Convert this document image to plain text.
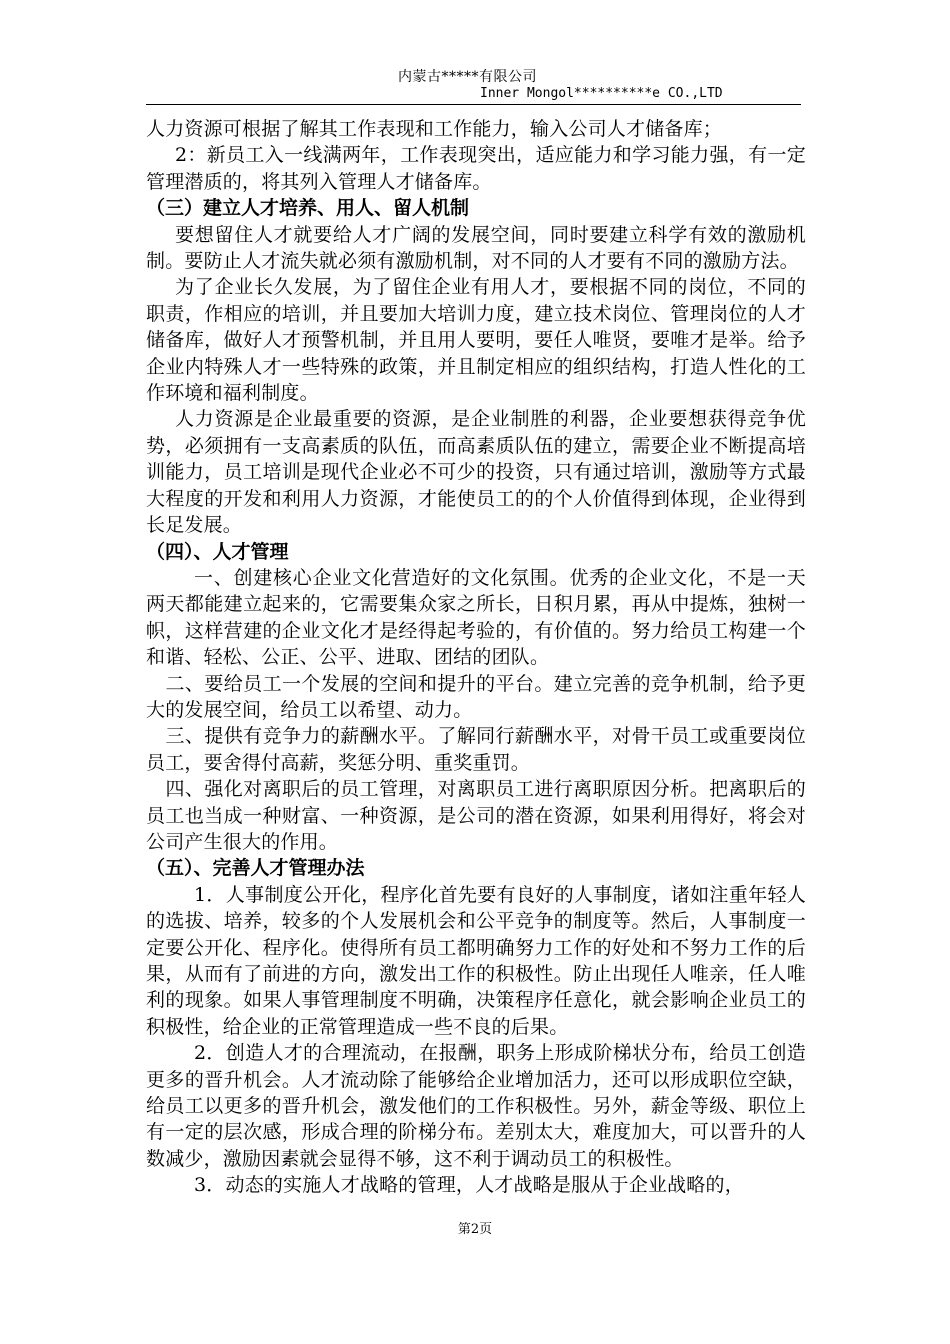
内蒙古*****有限公司
Inner Mongol**********e CO.,LTD

人力资源可根据了解其工作表现和工作能力，输入公司人才储备库；

2：新员工入一线满两年，工作表现突出，适应能力和学习能力强，有一定管理潜质的，将其列入管理人才储备库。

（三）建立人才培养、用人、留人机制

要想留住人才就要给人才广阔的发展空间，同时要建立科学有效的激励机制。要防止人才流失就必须有激励机制，对不同的人才要有不同的激励方法。

为了企业长久发展，为了留住企业有用人才，要根据不同的岗位，不同的职责，作相应的培训，并且要加大培训力度，建立技术岗位、管理岗位的人才储备库，做好人才预警机制，并且用人要明，要任人唯贤，要唯才是举。给予企业内特殊人才一些特殊的政策，并且制定相应的组织结构，打造人性化的工作环境和福利制度。

人力资源是企业最重要的资源，是企业制胜的利器，企业要想获得竞争优势，必须拥有一支高素质的队伍，而高素质队伍的建立，需要企业不断提高培训能力，员工培训是现代企业必不可少的投资，只有通过培训，激励等方式最大程度的开发和利用人力资源，才能使员工的的个人价值得到体现，企业得到长足发展。

（四）、人才管理

一、创建核心企业文化营造好的文化氛围。优秀的企业文化，不是一天两天都能建立起来的，它需要集众家之所长，日积月累，再从中提炼，独树一帜，这样营建的企业文化才是经得起考验的，有价值的。努力给员工构建一个和谐、轻松、公正、公平、进取、团结的团队。

二、要给员工一个发展的空间和提升的平台。建立完善的竞争机制，给予更大的发展空间，给员工以希望、动力。

三、提供有竞争力的薪酬水平。了解同行薪酬水平，对骨干员工或重要岗位员工，要舍得付高薪，奖惩分明、重奖重罚。

四、强化对离职后的员工管理，对离职员工进行离职原因分析。把离职后的员工也当成一种财富、一种资源，是公司的潜在资源，如果利用得好，将会对公司产生很大的作用。

（五）、完善人才管理办法

1．人事制度公开化，程序化首先要有良好的人事制度，诸如注重年轻人的选拔、培养，较多的个人发展机会和公平竞争的制度等。然后，人事制度一定要公开化、程序化。使得所有员工都明确努力工作的好处和不努力工作的后果，从而有了前进的方向，激发出工作的积极性。防止出现任人唯亲，任人唯利的现象。如果人事管理制度不明确，决策程序任意化，就会影响企业员工的积极性，给企业的正常管理造成一些不良的后果。

2．创造人才的合理流动，在报酬，职务上形成阶梯状分布，给员工创造更多的晋升机会。人才流动除了能够给企业增加活力，还可以形成职位空缺，给员工以更多的晋升机会，激发他们的工作积极性。另外，薪金等级、职位上有一定的层次感，形成合理的阶梯分布。差别太大，难度加大，可以晋升的人数减少，激励因素就会显得不够，这不利于调动员工的积极性。

3．动态的实施人才战略的管理，人才战略是服从于企业战略的，

第2页
